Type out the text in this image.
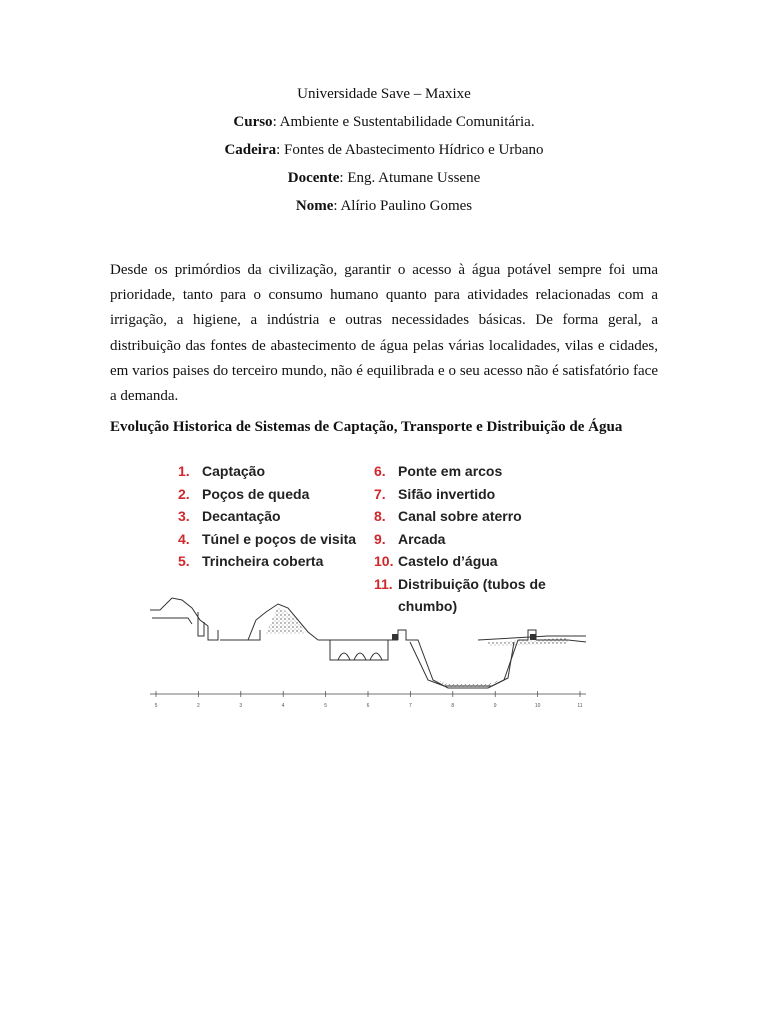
Universidade Save – Maxixe
Curso: Ambiente e Sustentabilidade Comunitária.
Cadeira: Fontes de Abastecimento Hídrico e Urbano
Docente: Eng. Atumane Ussene
Nome: Alírio Paulino Gomes

Desde os primórdios da civilização, garantir o acesso à água potável sempre foi uma prioridade, tanto para o consumo humano quanto para atividades relacionadas com a irrigação, a higiene, a indústria e outras necessidades básicas. De forma geral, a distribuição das fontes de abastecimento de água pelas várias localidades, vilas e cidades, em varios paises do terceiro mundo, não é equilibrada e o seu acesso não é satisfatório face a demanda.

Evolução Historica de Sistemas de Captação, Transporte e Distribuição de Água
1. Captação
2. Poços de queda
3. Decantação
4. Túnel e poços de visita
5. Trincheira coberta
6. Ponte em arcos
7. Sifão invertido
8. Canal sobre aterro
9. Arcada
10. Castelo d’água
11. Distribuição (tubos de
chumbo)
5	2	3	4	5	6	7	8	9	10	11
